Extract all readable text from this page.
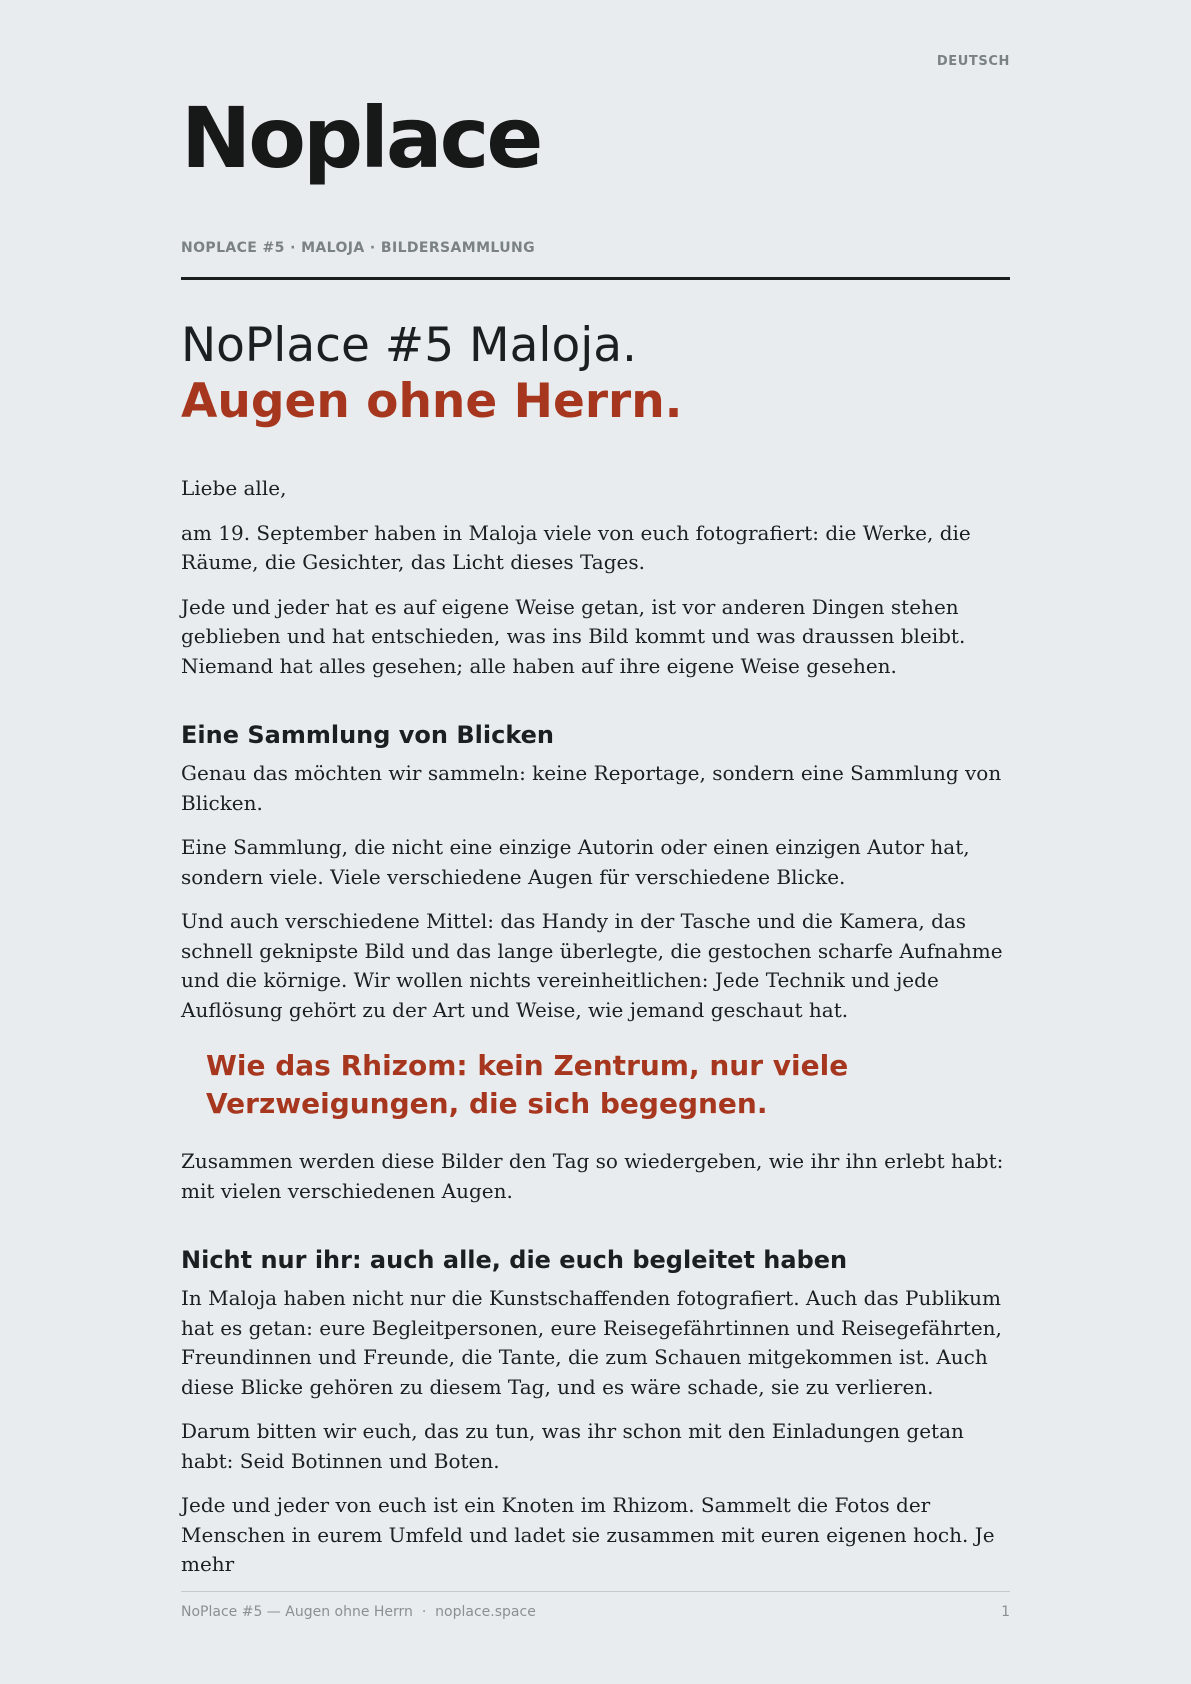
DEUTSCH
Noplace
NOPLACE #5 · MALOJA · BILDERSAMMLUNG
NoPlace #5 Maloja.
Augen ohne Herrn.

Liebe alle,

am 19. September haben in Maloja viele von euch fotografiert: die Werke, die Räume, die Gesichter, das Licht dieses Tages.

Jede und jeder hat es auf eigene Weise getan, ist vor anderen Dingen stehen geblieben und hat entschieden, was ins Bild kommt und was draussen bleibt. Niemand hat alles gesehen; alle haben auf ihre eigene Weise gesehen.

Eine Sammlung von Blicken

Genau das möchten wir sammeln: keine Reportage, sondern eine Sammlung von Blicken.

Eine Sammlung, die nicht eine einzige Autorin oder einen einzigen Autor hat, sondern viele. Viele verschiedene Augen für verschiedene Blicke.

Und auch verschiedene Mittel: das Handy in der Tasche und die Kamera, das schnell geknipste Bild und das lange überlegte, die gestochen scharfe Aufnahme und die körnige. Wir wollen nichts vereinheitlichen: Jede Technik und jede Auflösung gehört zu der Art und Weise, wie jemand geschaut hat.

Wie das Rhizom: kein Zentrum, nur viele Verzweigungen, die sich begegnen.

Zusammen werden diese Bilder den Tag so wiedergeben, wie ihr ihn erlebt habt: mit vielen verschiedenen Augen.

Nicht nur ihr: auch alle, die euch begleitet haben

In Maloja haben nicht nur die Kunstschaffenden fotografiert. Auch das Publikum hat es getan: eure Begleitpersonen, eure Reisegefährtinnen und Reisegefährten, Freundinnen und Freunde, die Tante, die zum Schauen mitgekommen ist. Auch diese Blicke gehören zu diesem Tag, und es wäre schade, sie zu verlieren.

Darum bitten wir euch, das zu tun, was ihr schon mit den Einladungen getan habt: Seid Botinnen und Boten.

Jede und jeder von euch ist ein Knoten im Rhizom. Sammelt die Fotos der Menschen in eurem Umfeld und ladet sie zusammen mit euren eigenen hoch. Je mehr

NoPlace #5 — Augen ohne Herrn  ·  noplace.space	1
